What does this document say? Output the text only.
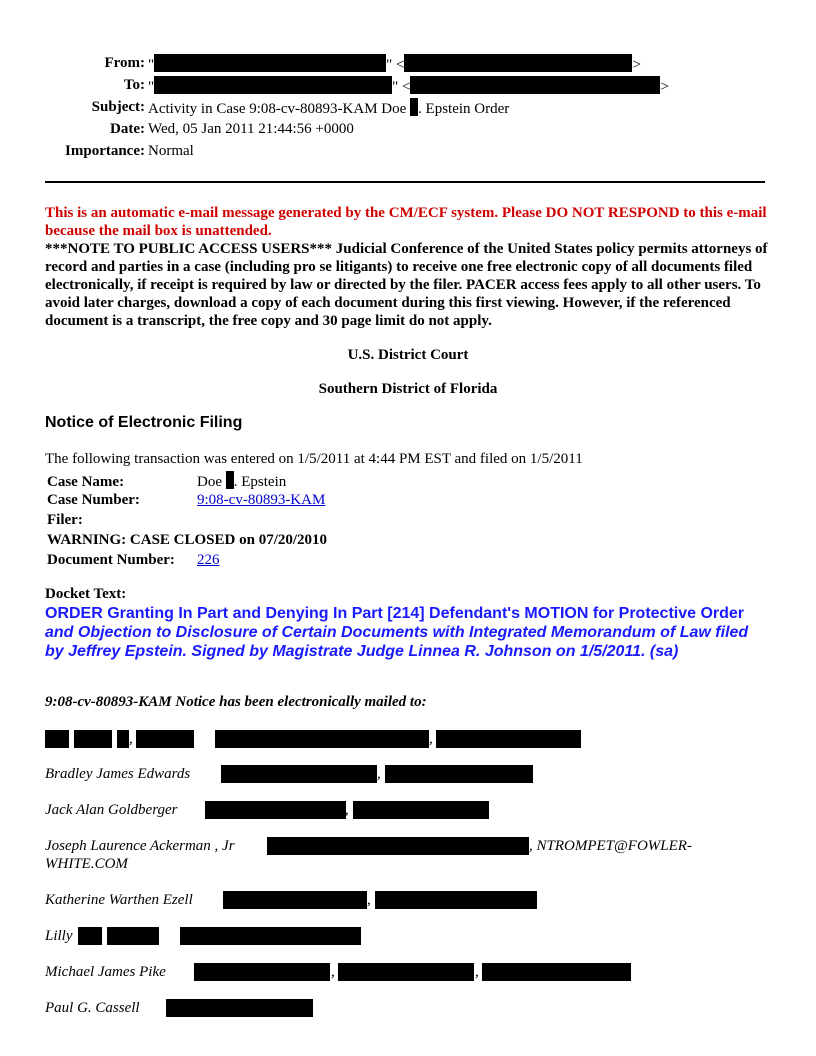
From: "	" <	>
To: "	" <	>
Subject: Activity in Case 9:08-cv-80893-KAM Doe . Epstein Order
Date: Wed, 05 Jan 2011 21:44:56 +0000
Importance: Normal
This is an automatic e-mail message generated by the CM/ECF system. Please DO NOT RESPOND to this e-mail because the mail box is unattended.
***NOTE TO PUBLIC ACCESS USERS*** Judicial Conference of the United States policy permits attorneys of record and parties in a case (including pro se litigants) to receive one free electronic copy of all documents filed electronically, if receipt is required by law or directed by the filer. PACER access fees apply to all other users. To avoid later charges, download a copy of each document during this first viewing. However, if the referenced document is a transcript, the free copy and 30 page limit do not apply.
U.S. District Court
Southern District of Florida
Notice of Electronic Filing
The following transaction was entered on 1/5/2011 at 4:44 PM EST and filed on 1/5/2011
Case Name:	Doe . Epstein
Case Number:	9:08-cv-80893-KAM
Filer:
WARNING: CASE CLOSED on 07/20/2010
Document Number: 226
Docket Text:
ORDER Granting In Part and Denying In Part [214] Defendant's MOTION for Protective Order
and Objection to Disclosure of Certain Documents with Integrated Memorandum of Law filed
by Jeffrey Epstein. Signed by Magistrate Judge Linnea R. Johnson on 1/5/2011. (sa)
9:08-cv-80893-KAM Notice has been electronically mailed to:
,	,
Bradley James Edwards	,
Jack Alan Goldberger	,
Joseph Laurence Ackerman , Jr	, NTROMPET@FOWLER-
WHITE.COM
Katherine Warthen Ezell	,
Lilly
Michael James Pike	,	,
Paul G. Cassell
